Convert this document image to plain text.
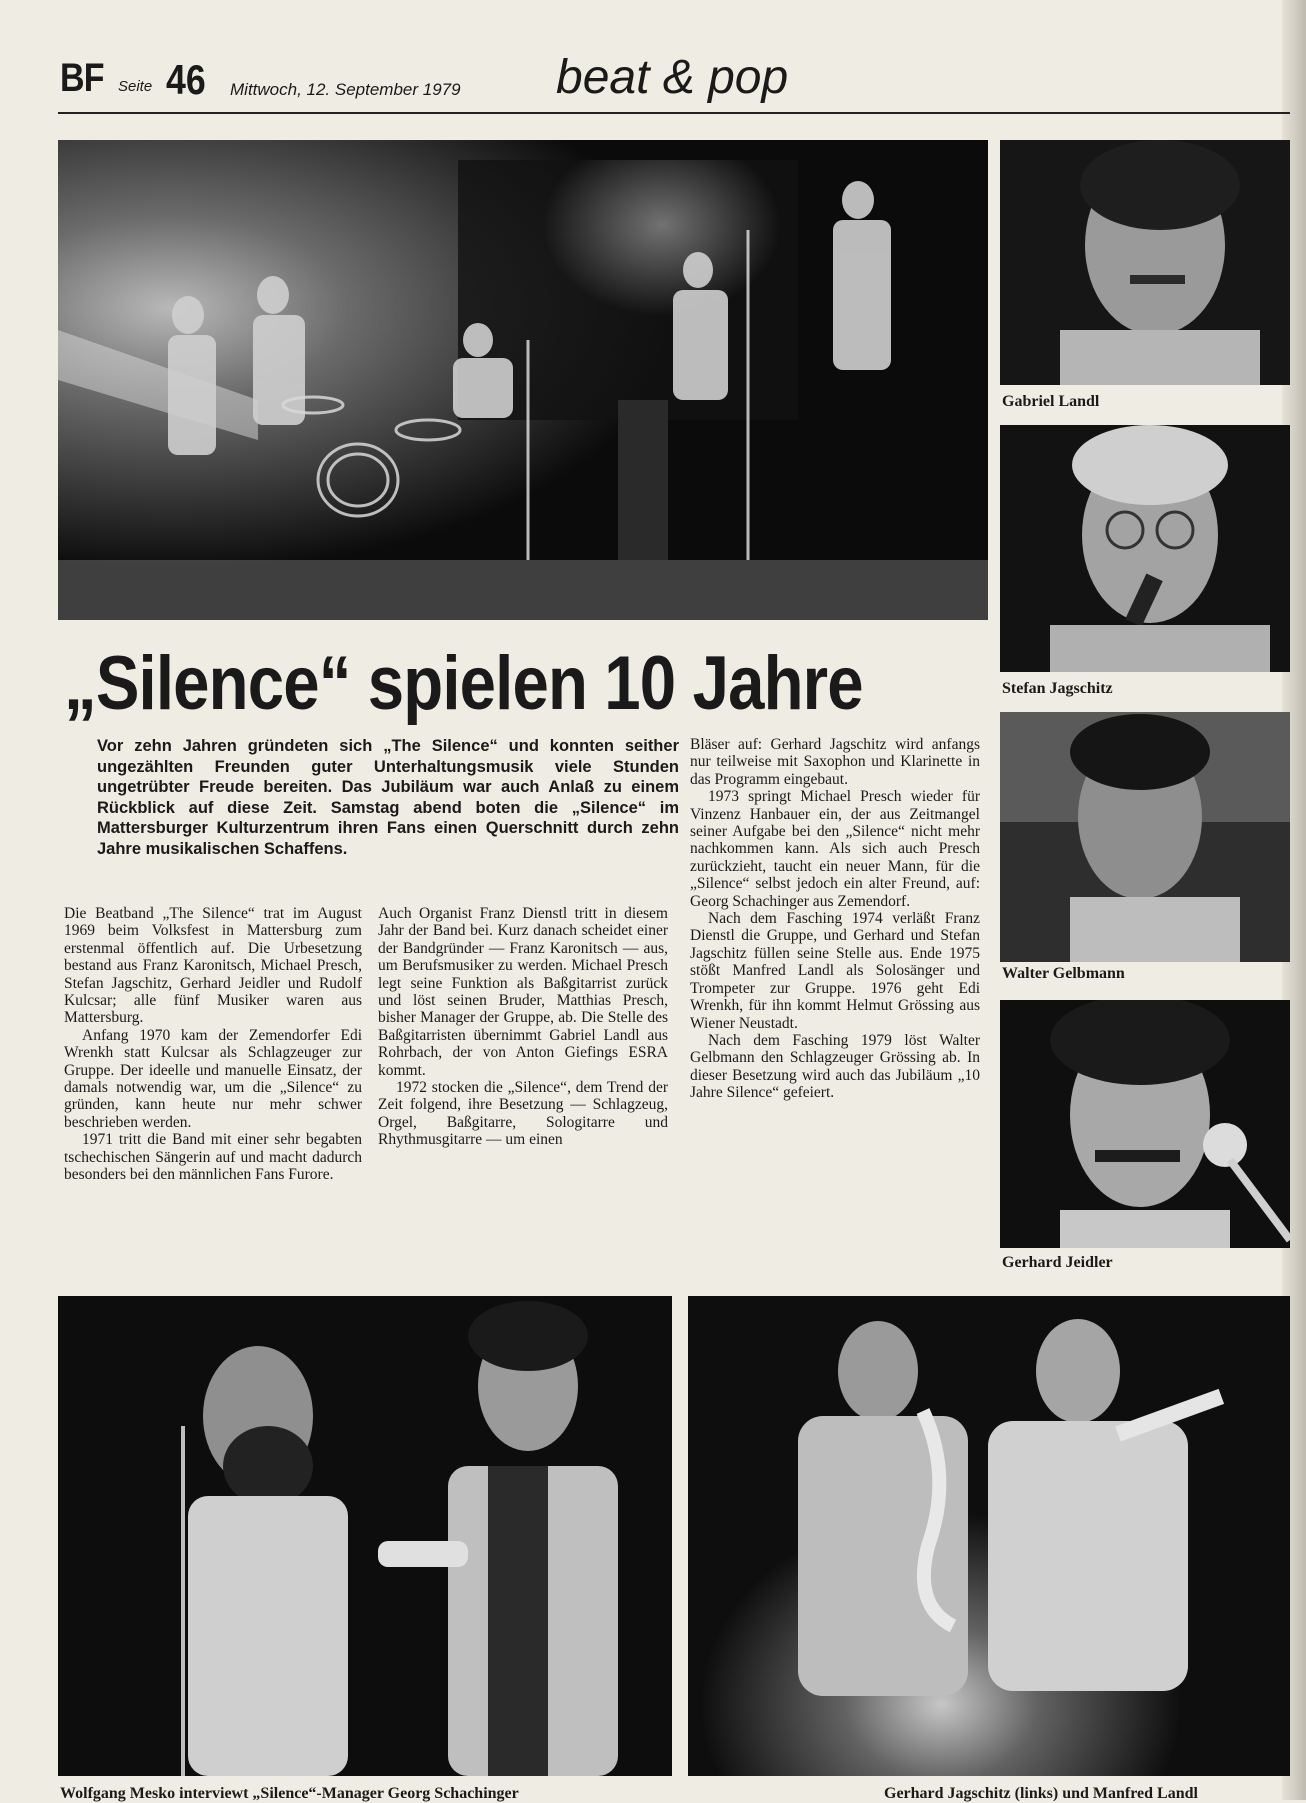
BF Seite 46 Mittwoch, 12. September 1979 beat & pop
Gabriel Landl
Stefan Jagschitz
Walter Gelbmann
Gerhard Jeidler
„Silence“ spielen 10 Jahre
Vor zehn Jahren gründeten sich „The Silence“ und konnten seither ungezählten Freunden guter Unterhaltungsmusik viele Stunden ungetrübter Freude bereiten. Das Jubiläum war auch Anlaß zu einem Rückblick auf diese Zeit. Samstag abend boten die „Silence“ im Mattersburger Kulturzentrum ihren Fans einen Querschnitt durch zehn Jahre musikalischen Schaffens.

Die Beatband „The Silence“ trat im August 1969 beim Volksfest in Mattersburg zum erstenmal öffentlich auf. Die Urbesetzung bestand aus Franz Karonitsch, Michael Presch, Stefan Jagschitz, Gerhard Jeidler und Rudolf Kulcsar; alle fünf Musiker waren aus Mattersburg.

Anfang 1970 kam der Zemendorfer Edi Wrenkh statt Kulcsar als Schlagzeuger zur Gruppe. Der ideelle und manuelle Einsatz, der damals notwendig war, um die „Silence“ zu gründen, kann heute nur mehr schwer beschrieben werden.

1971 tritt die Band mit einer sehr begabten tschechischen Sängerin auf und macht dadurch besonders bei den männlichen Fans Furore.

Auch Organist Franz Dienstl tritt in diesem Jahr der Band bei. Kurz danach scheidet einer der Bandgründer — Franz Karonitsch — aus, um Berufsmusiker zu werden. Michael Presch legt seine Funktion als Baßgitarrist zurück und löst seinen Bruder, Matthias Presch, bisher Manager der Gruppe, ab. Die Stelle des Baßgitarristen übernimmt Gabriel Landl aus Rohrbach, der von Anton Giefings ESRA kommt.

1972 stocken die „Silence“, dem Trend der Zeit folgend, ihre Besetzung — Schlagzeug, Orgel, Baßgitarre, Sologitarre und Rhythmusgitarre — um einen

Bläser auf: Gerhard Jagschitz wird anfangs nur teilweise mit Saxophon und Klarinette in das Programm eingebaut.

1973 springt Michael Presch wieder für Vinzenz Hanbauer ein, der aus Zeitmangel seiner Aufgabe bei den „Silence“ nicht mehr nachkommen kann. Als sich auch Presch zurückzieht, taucht ein neuer Mann, für die „Silence“ selbst jedoch ein alter Freund, auf: Georg Schachinger aus Zemendorf.

Nach dem Fasching 1974 verläßt Franz Dienstl die Gruppe, und Gerhard und Stefan Jagschitz füllen seine Stelle aus. Ende 1975 stößt Manfred Landl als Solosänger und Trompeter zur Gruppe. 1976 geht Edi Wrenkh, für ihn kommt Helmut Grössing aus Wiener Neustadt.

Nach dem Fasching 1979 löst Walter Gelbmann den Schlagzeuger Grössing ab. In dieser Besetzung wird auch das Jubiläum „10 Jahre Silence“ gefeiert.

Wolfgang Mesko interviewt „Silence“-Manager Georg Schachinger	Gerhard Jagschitz (links) und Manfred Landl
